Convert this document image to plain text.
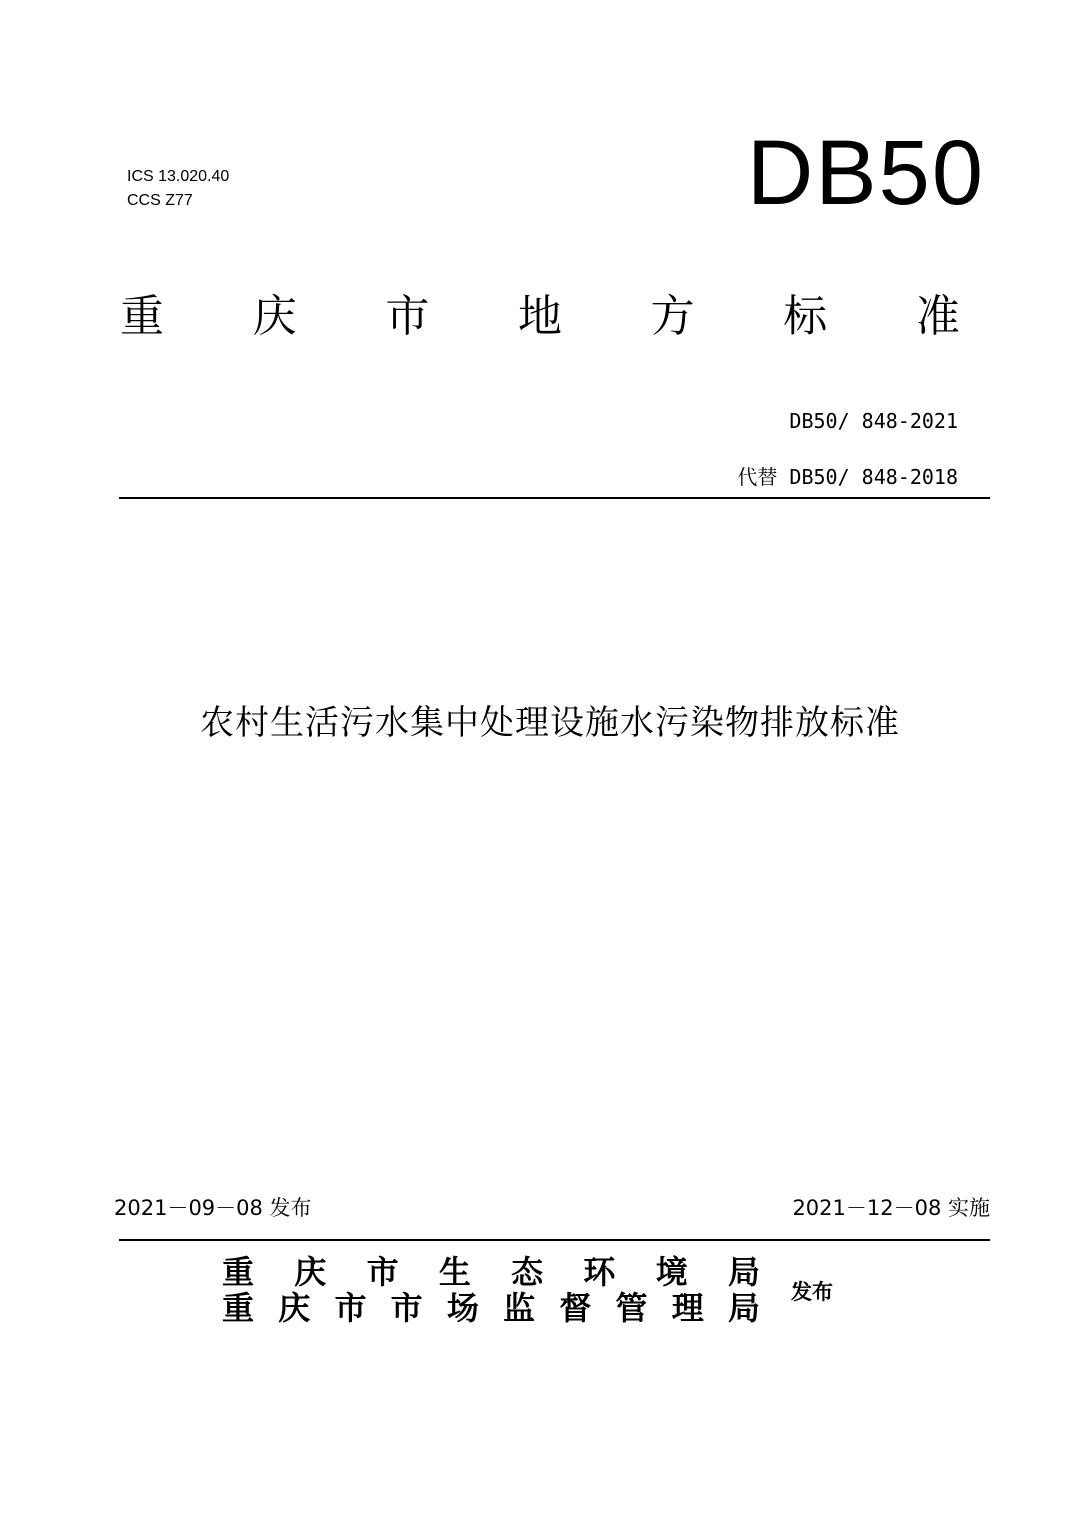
ICS 13.020.40
CCS Z77	DB50
重 庆 市 地 方 标 准
DB50/ 848-2021
代替 DB50/ 848-2018
农村生活污水集中处理设施水污染物排放标准
2021－09－08 发布	2021－12－08 实施
重 庆 市 生 态 环 境 局
重 庆 市 市 场 监 督 管 理 局 发布
